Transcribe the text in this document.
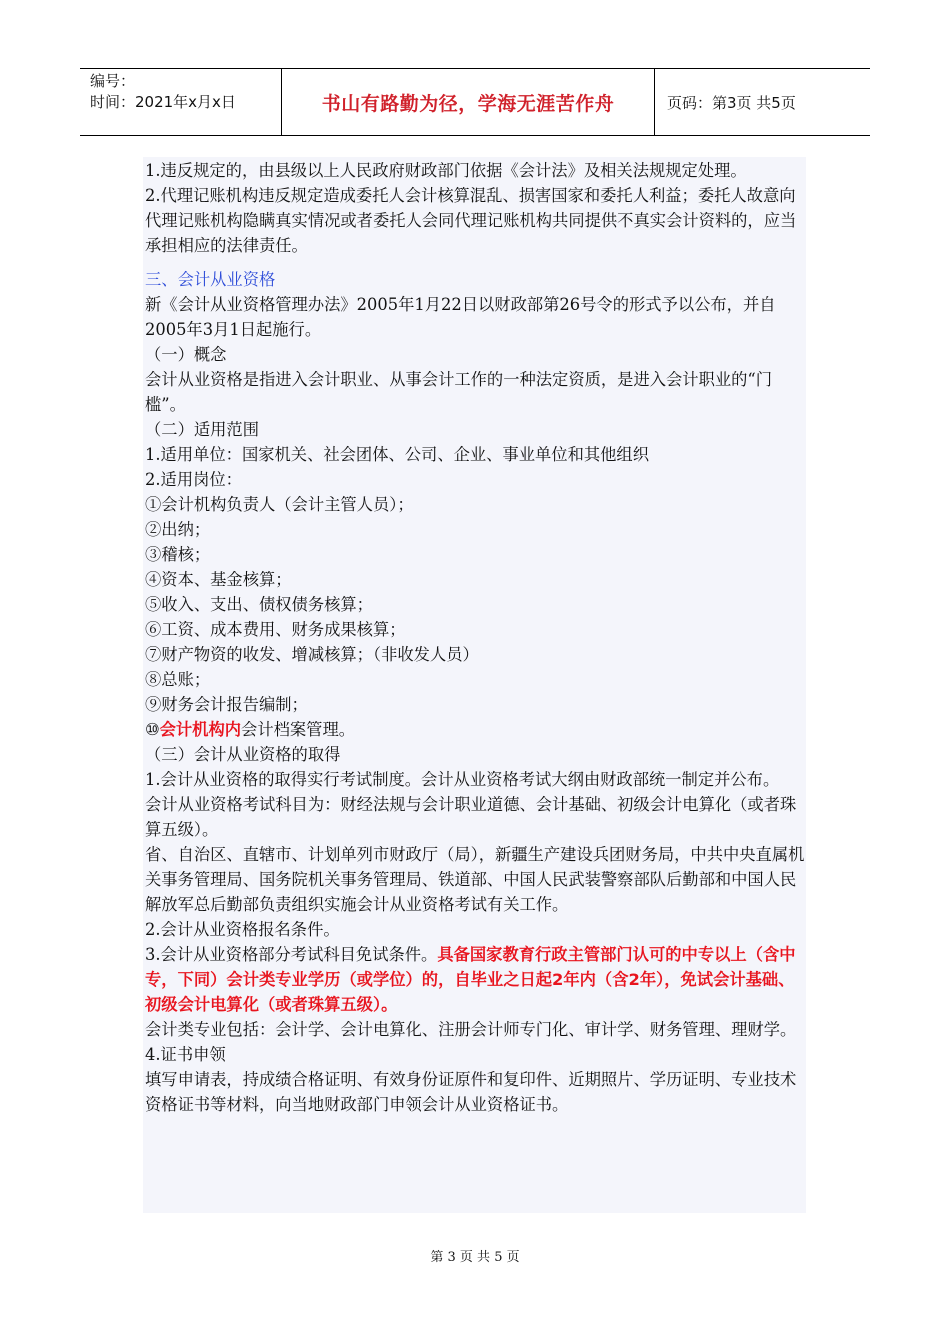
编号：
时间：2021年x月x日	书山有路勤为径，学海无涯苦作舟	页码：第3页 共5页

1.违反规定的，由县级以上人民政府财政部门依据《会计法》及相关法规规定处理。

2.代理记账机构违反规定造成委托人会计核算混乱、损害国家和委托人利益；委托人故意向代理记账机构隐瞒真实情况或者委托人会同代理记账机构共同提供不真实会计资料的，应当承担相应的法律责任。

三、会计从业资格

新《会计从业资格管理办法》2005年1月22日以财政部第26号令的形式予以公布，并自2005年3月1日起施行。

（一）概念

会计从业资格是指进入会计职业、从事会计工作的一种法定资质，是进入会计职业的“门槛”。

（二）适用范围

1.适用单位：国家机关、社会团体、公司、企业、事业单位和其他组织

2.适用岗位：

①会计机构负责人（会计主管人员）；

②出纳；

③稽核；

④资本、基金核算；

⑤收入、支出、债权债务核算；

⑥工资、成本费用、财务成果核算；

⑦财产物资的收发、增减核算；（非收发人员）

⑧总账；

⑨财务会计报告编制；

⑩会计机构内会计档案管理。

（三）会计从业资格的取得

1.会计从业资格的取得实行考试制度。会计从业资格考试大纲由财政部统一制定并公布。

会计从业资格考试科目为：财经法规与会计职业道德、会计基础、初级会计电算化（或者珠算五级）。

省、自治区、直辖市、计划单列市财政厅（局），新疆生产建设兵团财务局，中共中央直属机关事务管理局、国务院机关事务管理局、铁道部、中国人民武装警察部队后勤部和中国人民解放军总后勤部负责组织实施会计从业资格考试有关工作。

2.会计从业资格报名条件。

3.会计从业资格部分考试科目免试条件。具备国家教育行政主管部门认可的中专以上（含中专，下同）会计类专业学历（或学位）的，自毕业之日起2年内（含2年），免试会计基础、初级会计电算化（或者珠算五级）。

会计类专业包括：会计学、会计电算化、注册会计师专门化、审计学、财务管理、理财学。

4.证书申领

填写申请表，持成绩合格证明、有效身份证原件和复印件、近期照片、学历证明、专业技术资格证书等材料，向当地财政部门申领会计从业资格证书。

第 3 页 共 5 页
